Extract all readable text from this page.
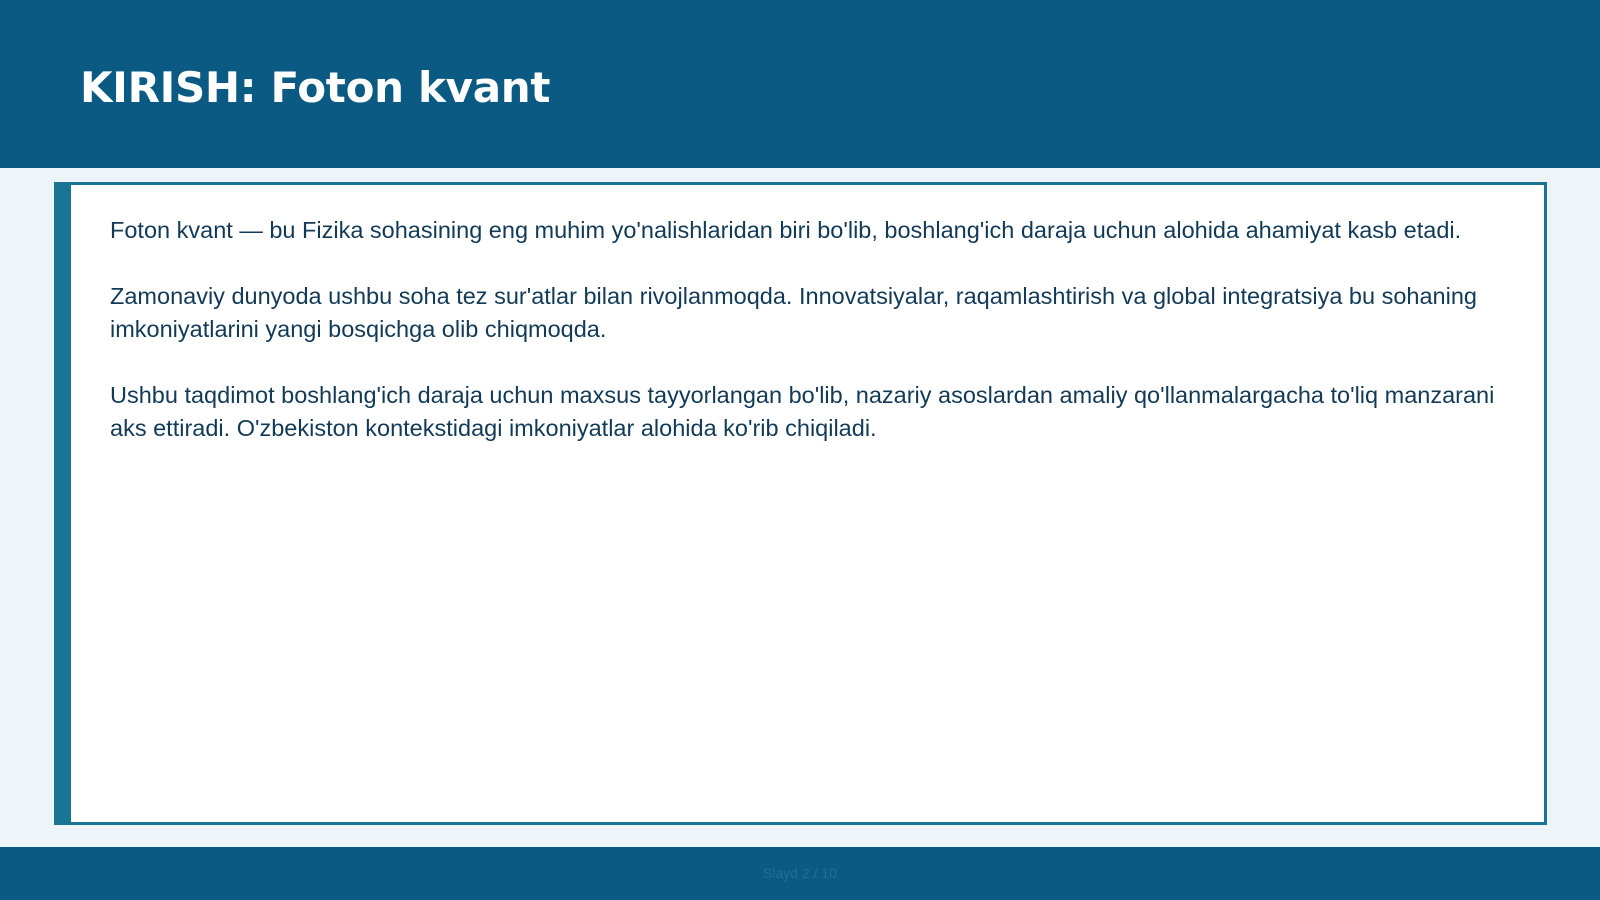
KIRISH: Foton kvant

Foton kvant — bu Fizika sohasining eng muhim yo'nalishlaridan biri bo'lib, boshlang'ich daraja uchun alohida ahamiyat kasb etadi.

Zamonaviy dunyoda ushbu soha tez sur'atlar bilan rivojlanmoqda. Innovatsiyalar, raqamlashtirish va global integratsiya bu sohaning imkoniyatlarini yangi bosqichga olib chiqmoqda.

Ushbu taqdimot boshlang'ich daraja uchun maxsus tayyorlangan bo'lib, nazariy asoslardan amaliy qo'llanmalargacha to'liq manzarani aks ettiradi. O'zbekiston kontekstidagi imkoniyatlar alohida ko'rib chiqiladi.

Slayd 2 / 10
